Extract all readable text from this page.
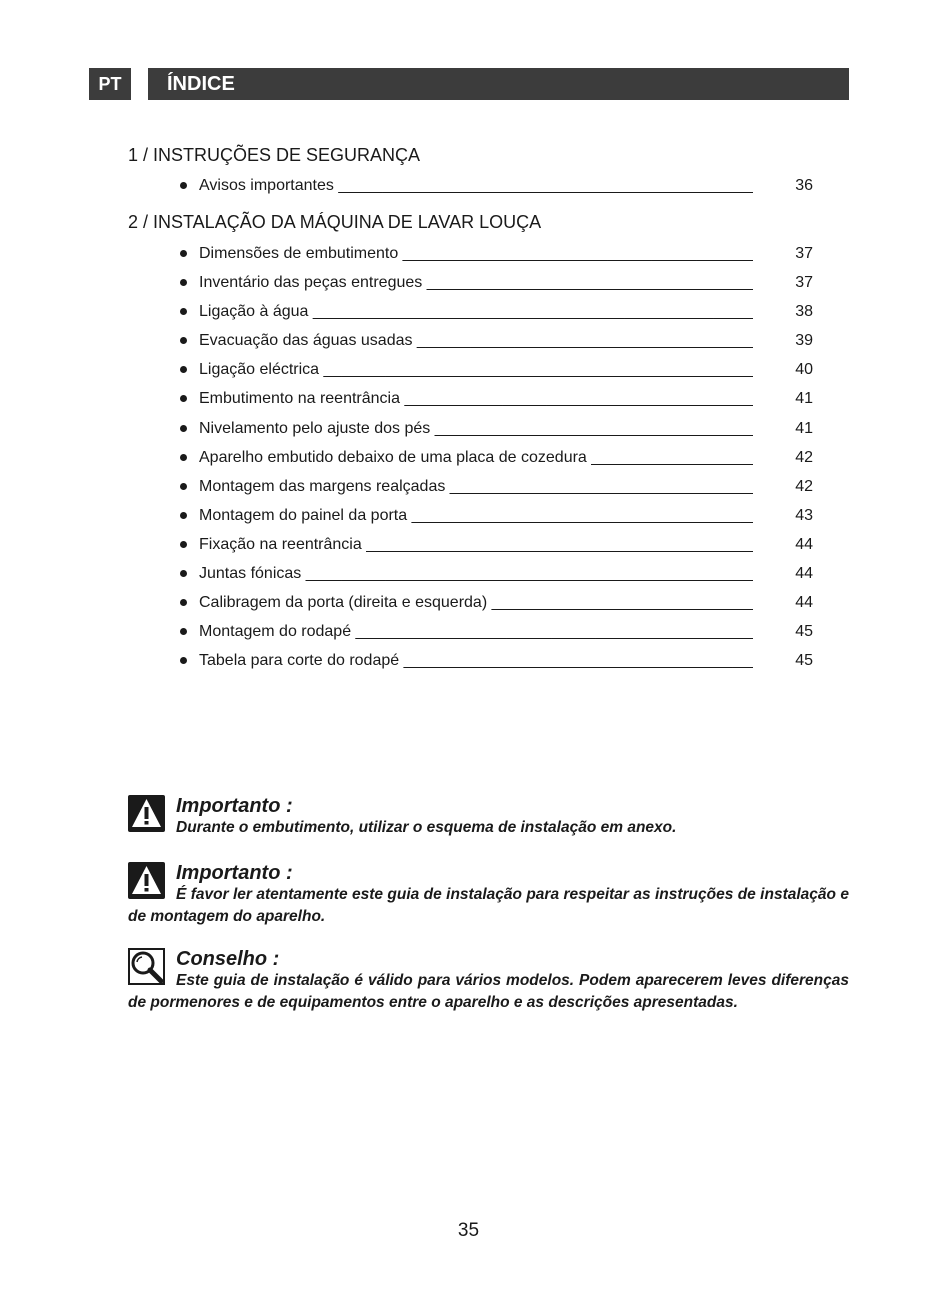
PT	ÍNDICE
1 / INSTRUÇÕES DE SEGURANÇA
Avisos importantes _____	36
2 / INSTALAÇÃO DA MÁQUINA DE LAVAR LOUÇA
Dimensões de embutimento _____	37
Inventário das peças entregues _____	37
Ligação à água _____	38
Evacuação das águas usadas _____	39
Ligação eléctrica _____	40
Embutimento na reentrância _____	41
Nivelamento pelo ajuste dos pés _____	41
Aparelho embutido debaixo de uma placa de cozedura _____	42
Montagem das margens realçadas _____	42
Montagem do painel da porta _____	43
Fixação na reentrância _____	44
Juntas fónicas _____	44
Calibragem da porta (direita e esquerda) _____	44
Montagem do rodapé _____	45
Tabela para corte do rodapé _____	45
Importanto :
Durante o embutimento, utilizar o esquema de instalação em anexo.
Importanto :
É favor ler atentamente este guia de instalação para respeitar as instruções de instalação e de montagem do aparelho.
Conselho :
Este guia de instalação é válido para vários modelos. Podem aparecerem leves diferenças de pormenores e de equipamentos entre o aparelho e as descrições apresentadas.
35
